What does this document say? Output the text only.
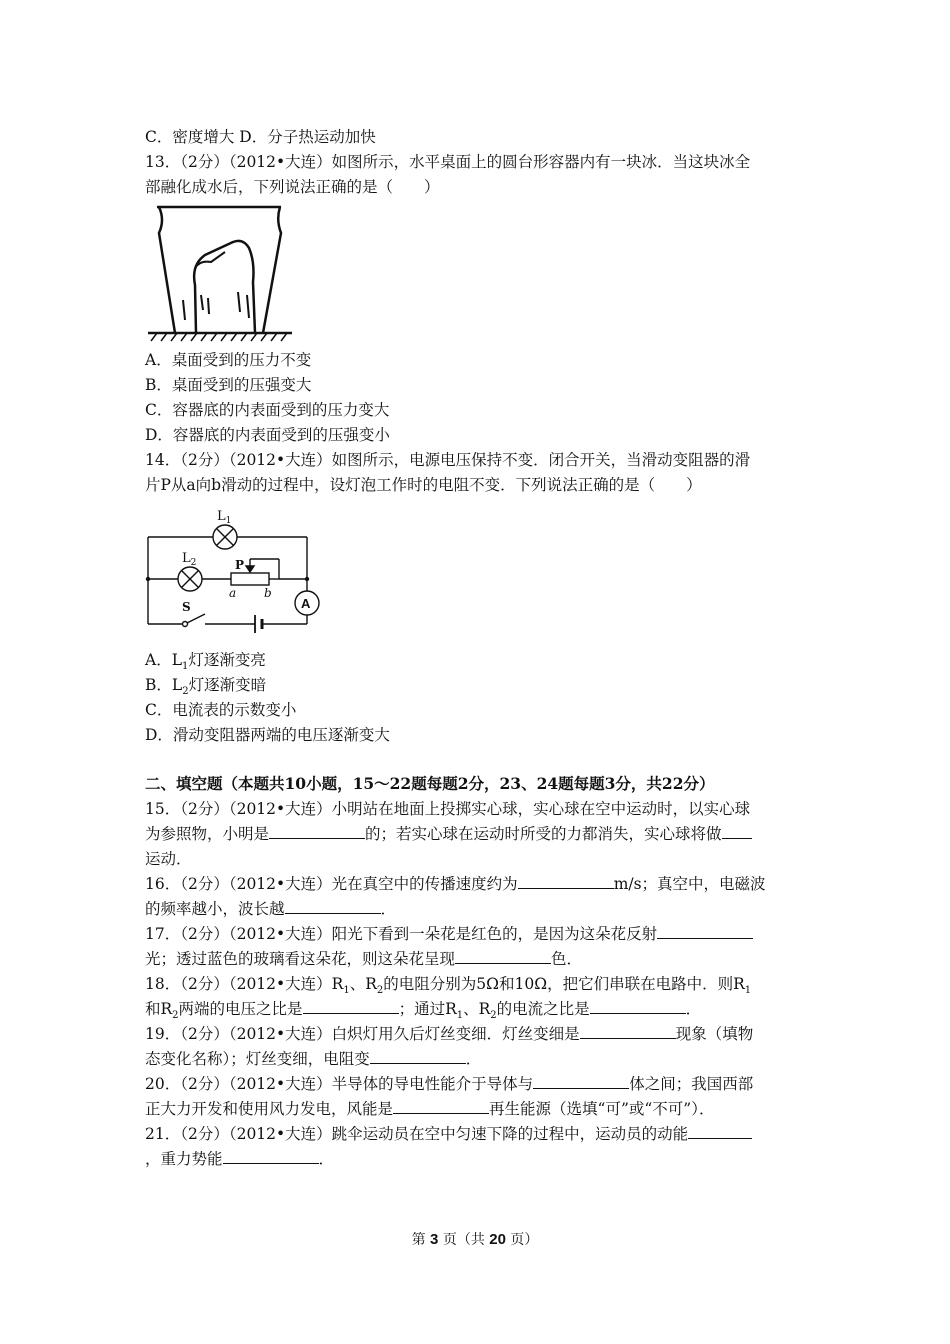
C．密度增大 D．分子热运动加快
13．（2分）（2012•大连）如图所示，水平桌面上的圆台形容器内有一块冰．当这块冰全
部融化成水后，下列说法正确的是（　　）
A．桌面受到的压力不变
B．桌面受到的压强变大
C．容器底的内表面受到的压力变大
D．容器底的内表面受到的压强变小
14．（2分）（2012•大连）如图所示，电源电压保持不变．闭合开关，当滑动变阻器的滑
片P从a向b滑动的过程中，设灯泡工作时的电阻不变．下列说法正确的是（　　）
$L_1$
$L_2$	P
a b
S	A
A．$L_1$灯逐渐变亮
B．$L_2$灯逐渐变暗
C．电流表的示数变小
D．滑动变阻器两端的电压逐渐变大
二、填空题（本题共10小题，15～22题每题2分，23、24题每题3分，共22分）
15．（2分）（2012•大连）小明站在地面上投掷实心球，实心球在空中运动时，以实心球
为参照物，小明是	的；若实心球在运动时所受的力都消失，实心球将做
运动．
16．（2分）（2012•大连）光在真空中的传播速度约为	m/s；真空中，电磁波
的频率越小，波长越	．
17．（2分）（2012•大连）阳光下看到一朵花是红色的，是因为这朵花反射
光；透过蓝色的玻璃看这朵花，则这朵花呈现	色．
18．（2分）（2012•大连）$R_1$、$R_2$的电阻分别为5Ω和10Ω，把它们串联在电路中．则$R_1$
和$R_2$两端的电压之比是	；通过$R_1$、$R_2$的电流之比是	．
19．（2分）（2012•大连）白炽灯用久后灯丝变细．灯丝变细是	现象（填物
态变化名称）；灯丝变细，电阻变	．
20．（2分）（2012•大连）半导体的导电性能介于导体与	体之间；我国西部
正大力开发和使用风力发电，风能是	再生能源（选填“可”或“不可”）．
21．（2分）（2012•大连）跳伞运动员在空中匀速下降的过程中，运动员的动能
，重力势能	．
第 3 页（共 20 页）
